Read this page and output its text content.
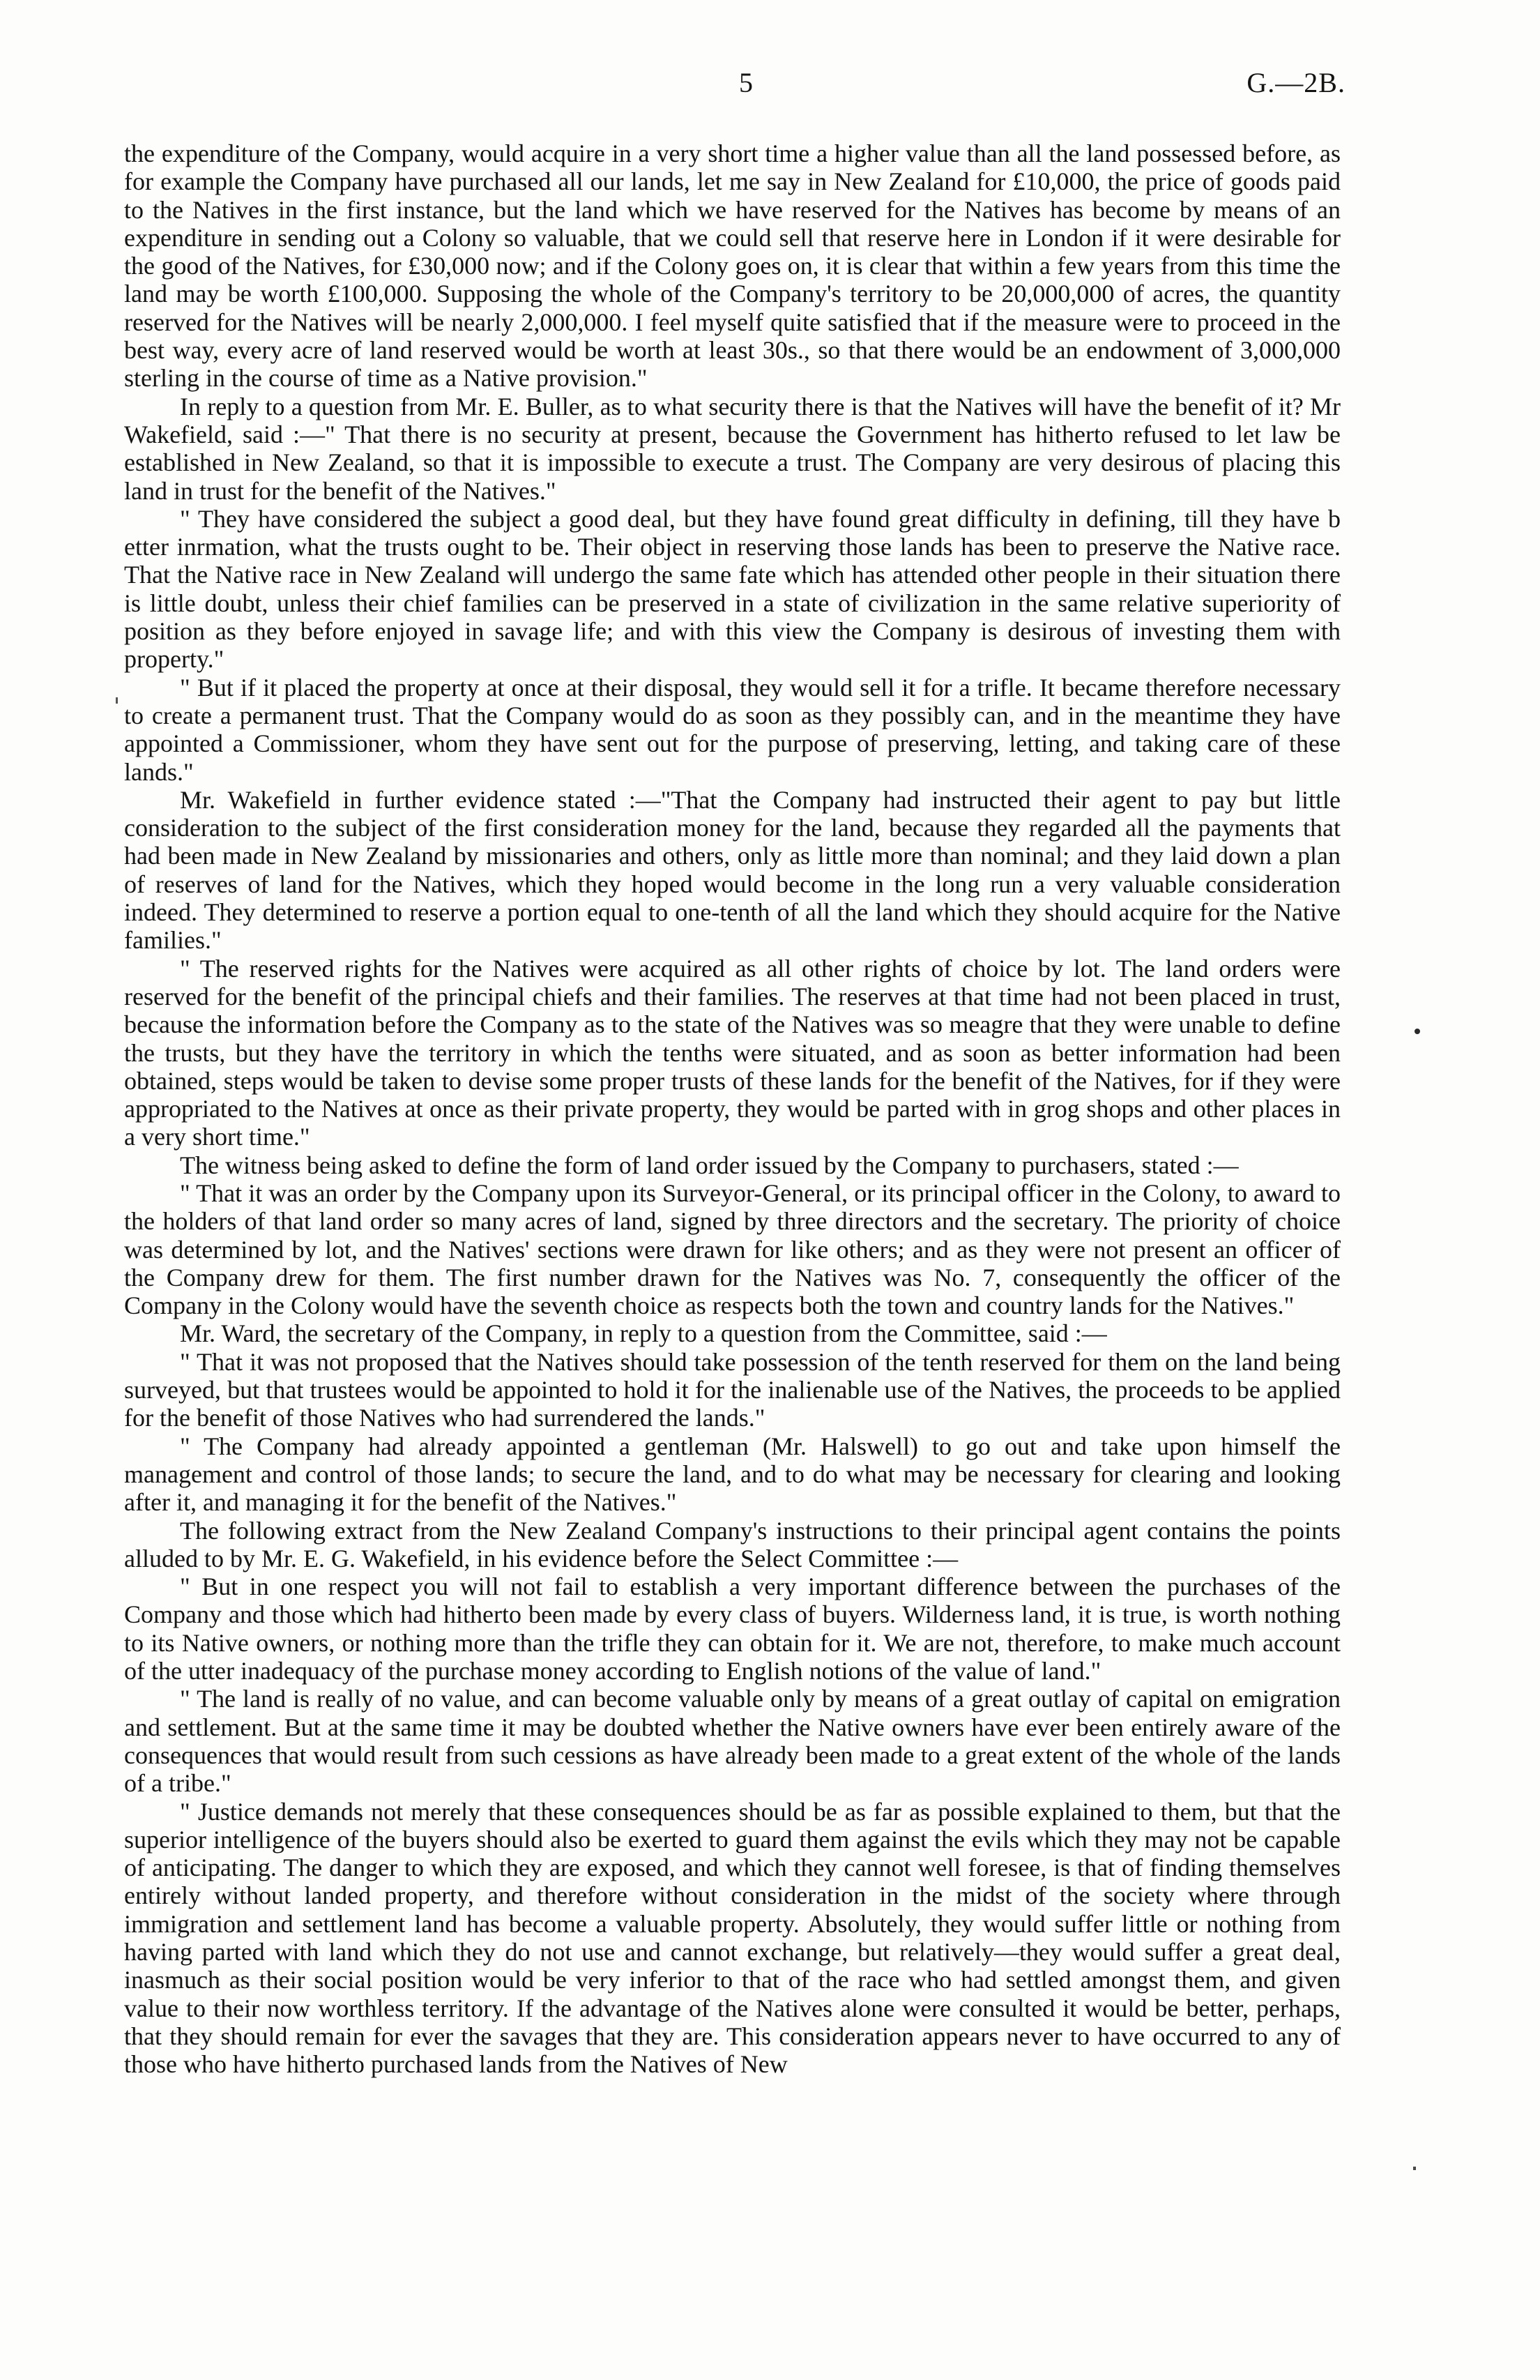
5	G.—2B.

the expenditure of the Company, would acquire in a very short time a higher value than all the land possessed before, as for example the Company have purchased all our lands, let me say in New Zealand for £10,000, the price of goods paid to the Natives in the first instance, but the land which we have reserved for the Natives has become by means of an expenditure in sending out a Colony so valuable, that we could sell that reserve here in London if it were desirable for the good of the Natives, for £30,000 now; and if the Colony goes on, it is clear that within a few years from this time the land may be worth £100,000. Supposing the whole of the Company's territory to be 20,000,000 of acres, the quantity reserved for the Natives will be nearly 2,000,000. I feel myself quite satisfied that if the measure were to proceed in the best way, every acre of land reserved would be worth at least 30s., so that there would be an endowment of 3,000,000 sterling in the course of time as a Native provision."

In reply to a question from Mr. E. Buller, as to what security there is that the Natives will have the benefit of it? Mr Wakefield, said :—" That there is no security at present, because the Government has hitherto refused to let law be established in New Zealand, so that it is impossible to execute a trust. The Company are very desirous of placing this land in trust for the benefit of the Natives."

" They have considered the subject a good deal, but they have found great difficulty in defining, till they have b etter inrmation, what the trusts ought to be. Their object in reserving those lands has been to preserve the Native race. That the Native race in New Zealand will undergo the same fate which has attended other people in their situation there is little doubt, unless their chief families can be preserved in a state of civilization in the same relative superiority of position as they before enjoyed in savage life; and with this view the Company is desirous of investing them with property."

" But if it placed the property at once at their disposal, they would sell it for a trifle. It became therefore necessary to create a permanent trust. That the Company would do as soon as they possibly can, and in the meantime they have appointed a Commissioner, whom they have sent out for the purpose of preserving, letting, and taking care of these lands."

Mr. Wakefield in further evidence stated :—"That the Company had instructed their agent to pay but little consideration to the subject of the first consideration money for the land, because they regarded all the payments that had been made in New Zealand by missionaries and others, only as little more than nominal; and they laid down a plan of reserves of land for the Natives, which they hoped would become in the long run a very valuable consideration indeed. They determined to reserve a portion equal to one-tenth of all the land which they should acquire for the Native families."

" The reserved rights for the Natives were acquired as all other rights of choice by lot. The land orders were reserved for the benefit of the principal chiefs and their families. The reserves at that time had not been placed in trust, because the information before the Company as to the state of the Natives was so meagre that they were unable to define the trusts, but they have the territory in which the tenths were situated, and as soon as better information had been obtained, steps would be taken to devise some proper trusts of these lands for the benefit of the Natives, for if they were appropriated to the Natives at once as their private property, they would be parted with in grog shops and other places in a very short time."

The witness being asked to define the form of land order issued by the Company to purchasers, stated :—

" That it was an order by the Company upon its Surveyor-General, or its principal officer in the Colony, to award to the holders of that land order so many acres of land, signed by three directors and the secretary. The priority of choice was determined by lot, and the Natives' sections were drawn for like others; and as they were not present an officer of the Company drew for them. The first number drawn for the Natives was No. 7, consequently the officer of the Company in the Colony would have the seventh choice as respects both the town and country lands for the Natives."

Mr. Ward, the secretary of the Company, in reply to a question from the Committee, said :—

" That it was not proposed that the Natives should take possession of the tenth reserved for them on the land being surveyed, but that trustees would be appointed to hold it for the inalienable use of the Natives, the proceeds to be applied for the benefit of those Natives who had surrendered the lands."

" The Company had already appointed a gentleman (Mr. Halswell) to go out and take upon himself the management and control of those lands; to secure the land, and to do what may be necessary for clearing and looking after it, and managing it for the benefit of the Natives."

The following extract from the New Zealand Company's instructions to their principal agent contains the points alluded to by Mr. E. G. Wakefield, in his evidence before the Select Committee :—

" But in one respect you will not fail to establish a very important difference between the purchases of the Company and those which had hitherto been made by every class of buyers. Wilderness land, it is true, is worth nothing to its Native owners, or nothing more than the trifle they can obtain for it. We are not, therefore, to make much account of the utter inadequacy of the purchase money according to English notions of the value of land."

" The land is really of no value, and can become valuable only by means of a great outlay of capital on emigration and settlement. But at the same time it may be doubted whether the Native owners have ever been entirely aware of the consequences that would result from such cessions as have already been made to a great extent of the whole of the lands of a tribe."

" Justice demands not merely that these consequences should be as far as possible explained to them, but that the superior intelligence of the buyers should also be exerted to guard them against the evils which they may not be capable of anticipating. The danger to which they are exposed, and which they cannot well foresee, is that of finding themselves entirely without landed property, and therefore without consideration in the midst of the society where through immigration and settlement land has become a valuable property. Absolutely, they would suffer little or nothing from having parted with land which they do not use and cannot exchange, but relatively—they would suffer a great deal, inasmuch as their social position would be very inferior to that of the race who had settled amongst them, and given value to their now worthless territory. If the advantage of the Natives alone were consulted it would be better, perhaps, that they should remain for ever the savages that they are. This consideration appears never to have occurred to any of those who have hitherto purchased lands from the Natives of New
